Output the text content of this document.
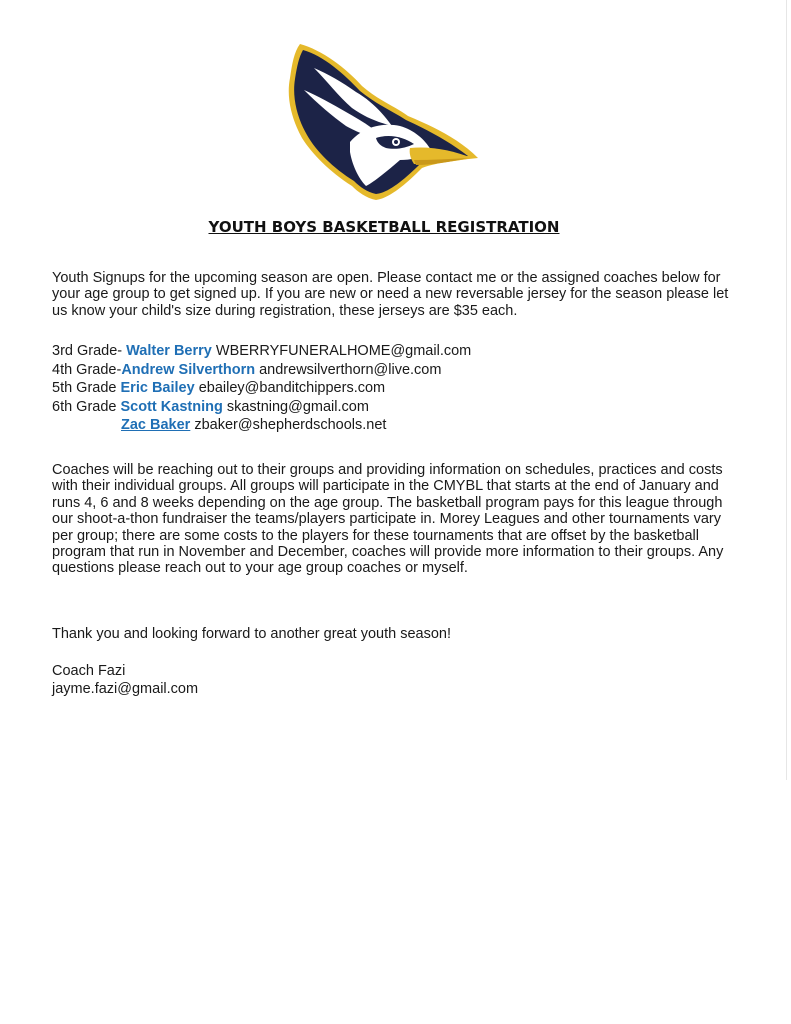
YOUTH BOYS BASKETBALL REGISTRATION

Youth Signups for the upcoming season are open. Please contact me or the assigned coaches below for your age group to get signed up. If you are new or need a new reversable jersey for the season please let us know your child's size during registration, these jerseys are $35 each.

3rd Grade- Walter Berry WBERRYFUNERALHOME@gmail.com
4th Grade-Andrew Silverthorn andrewsilverthorn@live.com
5th Grade Eric Bailey ebailey@banditchippers.com
6th Grade Scott Kastning skastning@gmail.com
Zac Baker zbaker@shepherdschools.net

Coaches will be reaching out to their groups and providing information on schedules, practices and costs with their individual groups. All groups will participate in the CMYBL that starts at the end of January and runs 4, 6 and 8 weeks depending on the age group. The basketball program pays for this league through our shoot-a-thon fundraiser the teams/players participate in. Morey Leagues and other tournaments vary per group; there are some costs to the players for these tournaments that are offset by the basketball program that run in November and December, coaches will provide more information to their groups. Any questions please reach out to your age group coaches or myself.

Thank you and looking forward to another great youth season!

Coach Fazi
jayme.fazi@gmail.com
